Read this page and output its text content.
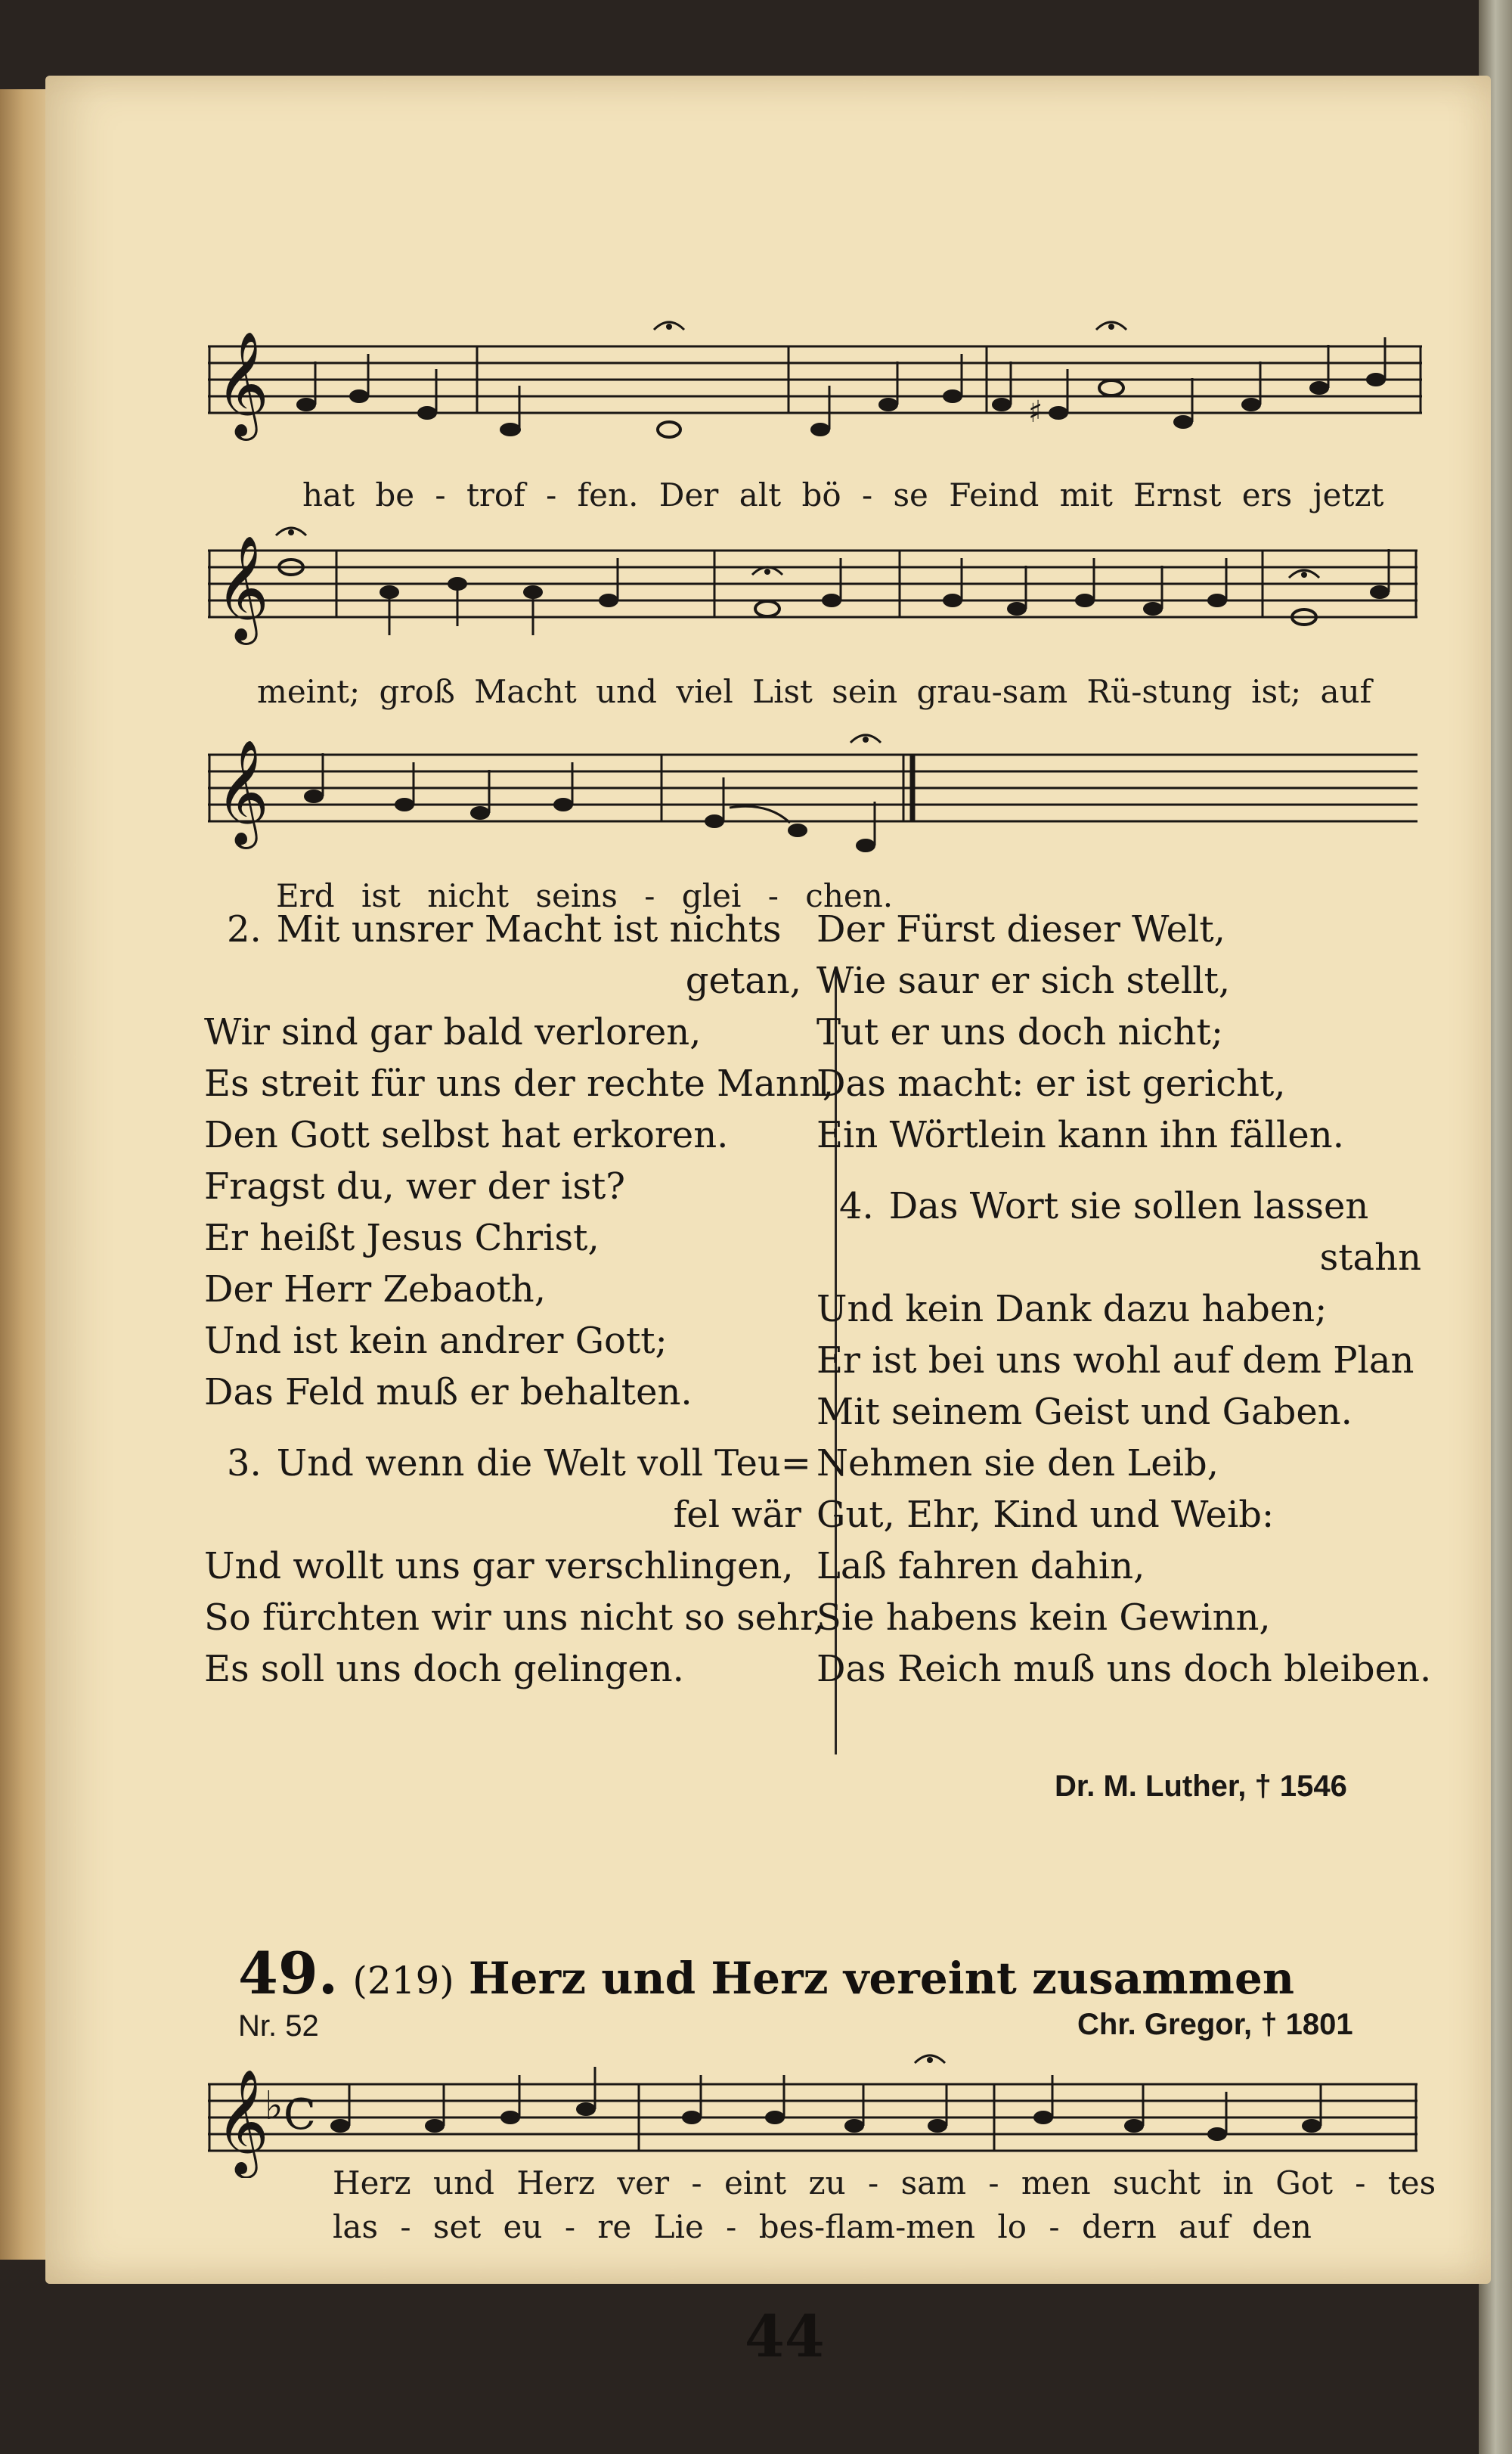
𝄞	♯
hat be - trof - fen. Der alt bö - se Feind mit Ernst ers jetzt
𝄞
meint; groß Macht und viel List sein grau-sam Rü-stung ist; auf
𝄞
Erd ist nicht seins - glei - chen.
2. Mit unsrer Macht ist nichts
getan,
Wir sind gar bald verloren,
Es streit für uns der rechte Mann,
Den Gott selbst hat erkoren.
Fragst du, wer der ist?
Er heißt Jesus Christ,
Der Herr Zebaoth,
Und ist kein andrer Gott;
Das Feld muß er behalten.
3. Und wenn die Welt voll Teu=
fel wär
Und wollt uns gar verschlingen,
So fürchten wir uns nicht so sehr,
Es soll uns doch gelingen.
Der Fürst dieser Welt,
Wie saur er sich stellt,
Tut er uns doch nicht;
Das macht: er ist gericht,
Ein Wörtlein kann ihn fällen.
4. Das Wort sie sollen lassen
stahn
Und kein Dank dazu haben;
Er ist bei uns wohl auf dem Plan
Mit seinem Geist und Gaben.
Nehmen sie den Leib,
Gut, Ehr, Kind und Weib:
Laß fahren dahin,
Sie habens kein Gewinn,
Das Reich muß uns doch bleiben.
Dr. M. Luther, † 1546
49. (219) Herz und Herz vereint zusammen
Nr. 52	Chr. Gregor, † 1801
𝄞
♭ C
Herz und Herz ver - eint zu - sam - men sucht in Got - tes
las - set eu - re Lie - bes-flam-men lo - dern auf den
44
